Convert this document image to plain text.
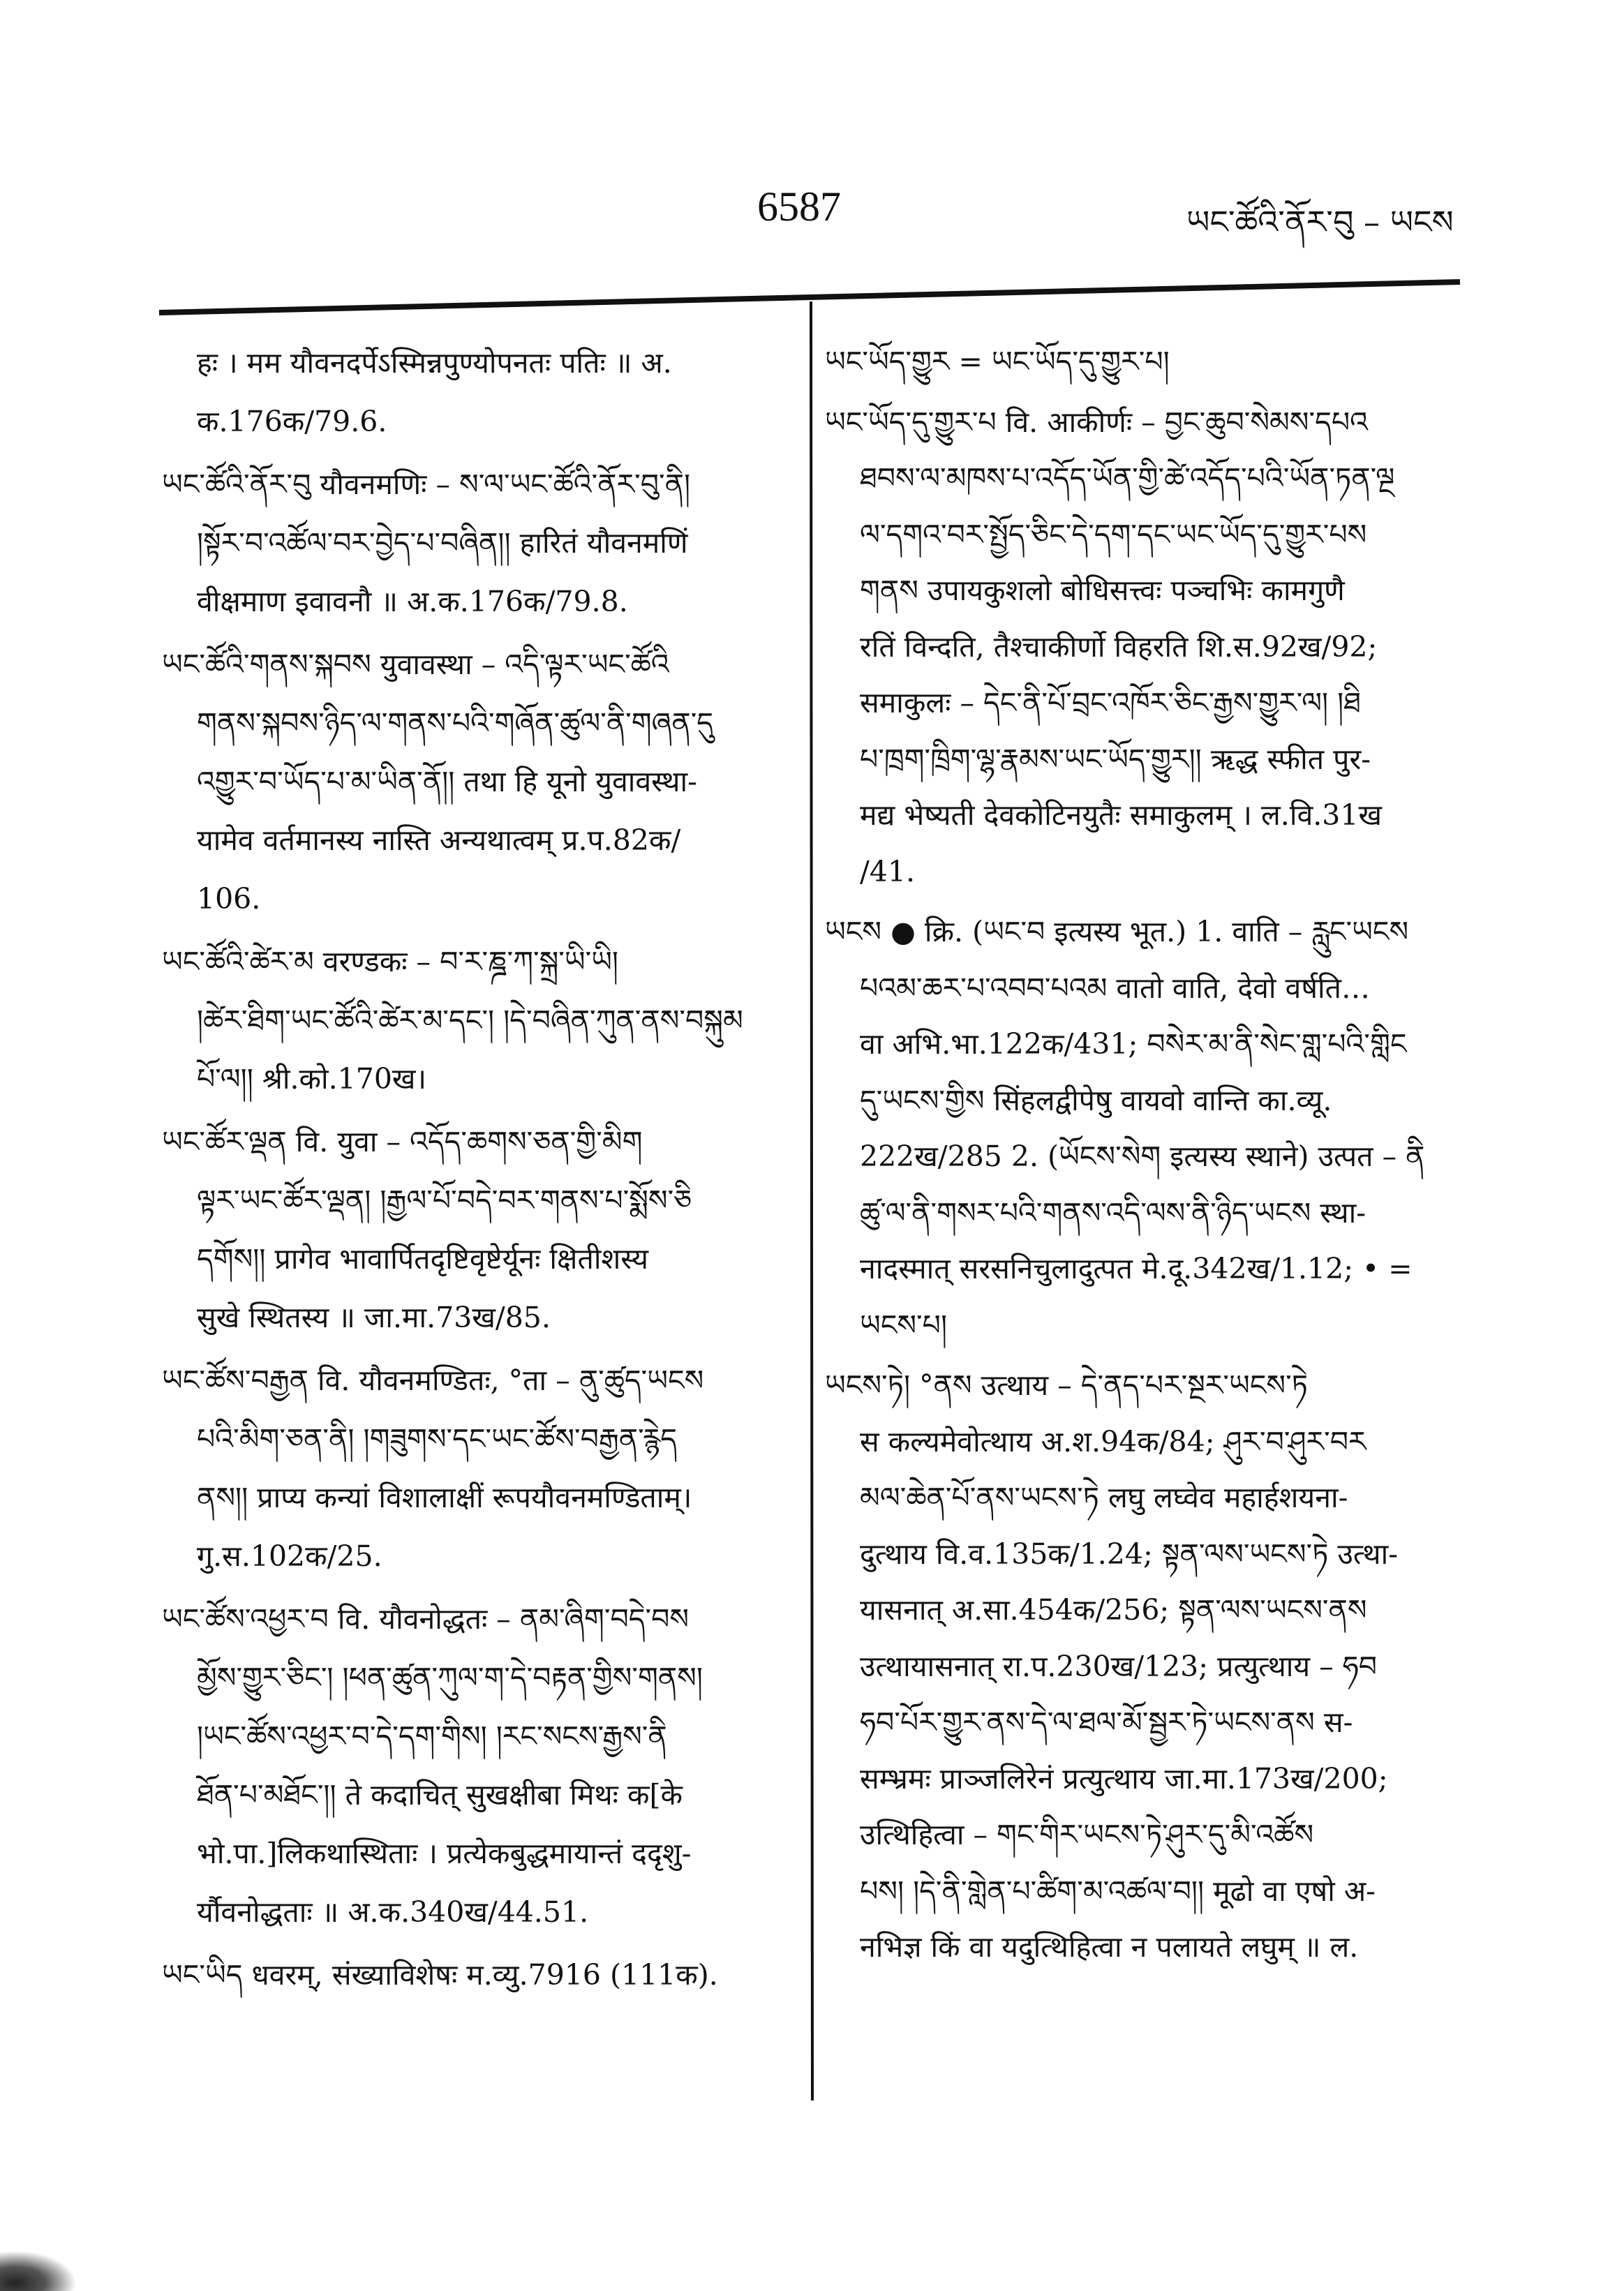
6587	ཡང་ཚོའི་ནོར་བུ – ཡངས
हः । मम यौवनदर्पेऽस्मिन्नपुण्योपनतः पतिः ॥ अ.
क.176क/79.6.
ཡང་ཚོའི་ནོར་བུ यौवनमणिः – ས་ལ་ཡང་ཚོའི་ནོར་བུ་ནི།
།སྟོར་བ་འཚོལ་བར་བྱེད་པ་བཞིན།། हारितं यौवनमणिं
वीक्षमाण इवावनौ ॥ अ.क.176क/79.8.
ཡང་ཚོའི་གནས་སྐབས युवावस्था – འདི་ལྟར་ཡང་ཚོའི
གནས་སྐབས་ཉིད་ལ་གནས་པའི་གཞོན་ཚུལ་ནི་གཞན་དུ
འགྱུར་བ་ཡོད་པ་མ་ཡིན་ནོ།། तथा हि यूनो युवावस्था-
यामेव वर्तमानस्य नास्ति अन्यथात्वम् प्र.प.82क/
106.
ཡང་ཚོའི་ཚེར་མ वरण्डकः – བ་ར་ཎྜ་ཀ་སྐྲ་ཡི་ཡི།
།ཚེར་ཐིག་ཡང་ཚོའི་ཚེར་མ་དང་། །དེ་བཞིན་ཀུན་ནས་བསྐུམ
པོ་ལ།། श्री.को.170ख।
ཡང་ཚོར་ལྡན वि. युवा – འདོད་ཆགས་ཅན་གྱི་མིག
ལྟར་ཡང་ཚོར་ལྡན། །རྒྱལ་པོ་བདེ་བར་གནས་པ་སྨོས་ཅི
དགོས།། प्रागेव भावार्पितदृष्टिवृष्टेर्यूनः क्षितीशस्य
सुखे स्थितस्य ॥ जा.मा.73ख/85.
ཡང་ཚོས་བརྒྱན वि. यौवनमण्डितः, °ता – ནུ་ཚུད་ཡངས
པའི་མིག་ཅན་ནི། །གཟུགས་དང་ཡང་ཚོས་བརྒྱན་རྙེད
ནས།། प्राप्य कन्यां विशालाक्षीं रूपयौवनमण्डिताम्।
गु.स.102क/25.
ཡང་ཚོས་འཕྱར་བ वि. यौवनोद्धतः – ནམ་ཞིག་བདེ་བས
མྱོས་གྱུར་ཅིང་། །ཕན་ཚུན་ཀུལ་ག་དེ་བརྟན་གྱིས་གནས།
།ཡང་ཚོས་འཕྱར་བ་དེ་དག་གིས། །རང་སངས་རྒྱས་ནི
ཐོན་པ་མཐོང་།། ते कदाचित् सुखक्षीबा मिथः क[के
भो.पा.]लिकथास्थिताः । प्रत्येकबुद्धमायान्तं ददृशु-
र्यौवनोद्धताः ॥ अ.क.340ख/44.51.
ཡང་ཡིད धवरम्, संख्याविशेषः म.व्यु.7916 (111क).
ཡང་ཡོད་གྱུར = ཡང་ཡོད་དུ་གྱུར་པ།
ཡང་ཡོད་དུ་གྱུར་པ वि. आकीर्णः – བྱང་ཆུབ་སེམས་དཔའ
ཐབས་ལ་མཁས་པ་འདོད་ཡོན་གྱི་ཚེ་འདོད་པའི་ཡོན་ཏན་ལྔ
ལ་དགའ་བར་སྤྱོད་ཅིང་དེ་དག་དང་ཡང་ཡོད་དུ་གྱུར་པས
གནས उपायकुशलो बोधिसत्त्वः पञ्चभिः कामगुणै
रतिं विन्दति, तैश्चाकीर्णो विहरति शि.स.92ख/92;
समाकुलः – དེང་ནི་པོ་བྲང་འཁོར་ཅིང་རྒྱས་གྱུར་ལ། །ཐི
པ་ཁྲག་ཁྲིག་ལྷ་རྣམས་ཡང་ཡོད་གྱུར།། ऋद्ध स्फीत पुर-
मद्य भेष्यती देवकोटिनयुतैः समाकुलम् । ल.वि.31ख
/41.
ཡངས ● क्रि. (ཡང་བ इत्यस्य भूत.) 1. वाति – རླུང་ཡངས
པའམ་ཆར་པ་འབབ་པའམ वातो वाति, देवो वर्षति…
वा अभि.भा.122क/431; བསེར་མ་ནི་སེང་གླ་པའི་གླིང
དུ་ཡངས་གྱིས सिंहलद्वीपेषु वायवो वान्ति का.व्यू.
222ख/285 2. (ཡོངས་སེག इत्यस्य स्थाने) उत्पत – ནི
ཚུ་ལ་ནི་གསར་པའི་གནས་འདི་ལས་ནི་ཉིད་ཡངས स्था-
नादस्मात् सरसनिचुलादुत्पत मे.दू.342ख/1.12; • =
ཡངས་པ།
ཡངས་ཏེ། °ནས उत्थाय – དེ་ནད་པར་སྔར་ཡངས་ཏེ
स कल्यमेवोत्थाय अ.श.94क/84; ཤུར་བ་ཤུར་བར
མལ་ཆེན་པོ་ནས་ཡངས་ཏེ लघु लघ्वेव महार्हशयना-
दुत्थाय वि.व.135क/1.24; སྟན་ལས་ཡངས་ཏེ उत्था-
यासनात् अ.सा.454क/256; སྟན་ལས་ཡངས་ནས
उत्थायासनात् रा.प.230ख/123; प्रत्युत्थाय – ཧབ
ཧབ་པོར་གྱུར་ནས་དེ་ལ་ཐལ་མོ་སྦྱར་ཏེ་ཡངས་ནས स-
सम्भ्रमः प्राञ्जलिरेनं प्रत्युत्थाय जा.मा.173ख/200;
उत्थिहित्वा – གང་གིར་ཡངས་ཏེ་ཤུར་དུ་མི་འཚོས
པས། །དེ་ནི་གླེན་པ་ཚིག་མ་འཚལ་བ།། मूढो वा एषो अ-
नभिज्ञ किं वा यदुत्थिहित्वा न पलायते लघुम् ॥ ल.
